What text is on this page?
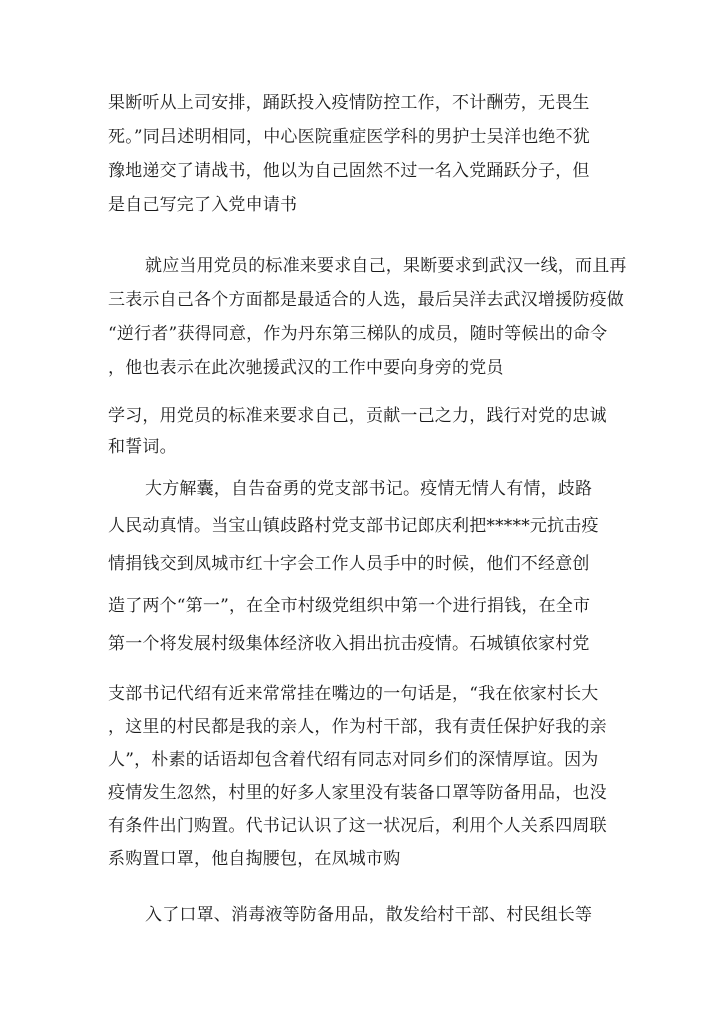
果断听从上司安排，踊跃投入疫情防控工作，不计酬劳，无畏生
死。”同吕述明相同，中心医院重症医学科的男护士吴洋也绝不犹
豫地递交了请战书，他以为自己固然不过一名入党踊跃分子，但
是自己写完了入党申请书
就应当用党员的标准来要求自己，果断要求到武汉一线，而且再
三表示自己各个方面都是最适合的人选，最后吴洋去武汉增援防疫做
“逆行者”获得同意，作为丹东第三梯队的成员，随时等候出的命令
，他也表示在此次驰援武汉的工作中要向身旁的党员
学习，用党员的标准来要求自己，贡献一己之力，践行对党的忠诚
和誓词。
大方解囊，自告奋勇的党支部书记。疫情无情人有情，歧路
人民动真情。当宝山镇歧路村党支部书记郎庆利把*****元抗击疫
情捐钱交到凤城市红十字会工作人员手中的时候，他们不经意创
造了两个“第一”，在全市村级党组织中第一个进行捐钱，在全市
第一个将发展村级集体经济收入捐出抗击疫情。石城镇依家村党
支部书记代绍有近来常常挂在嘴边的一句话是，“我在依家村长大
，这里的村民都是我的亲人，作为村干部，我有责任保护好我的亲
人”，朴素的话语却包含着代绍有同志对同乡们的深情厚谊。因为
疫情发生忽然，村里的好多人家里没有装备口罩等防备用品，也没
有条件出门购置。代书记认识了这一状况后，利用个人关系四周联
系购置口罩，他自掏腰包，在凤城市购
入了口罩、消毒液等防备用品，散发给村干部、村民组长等
